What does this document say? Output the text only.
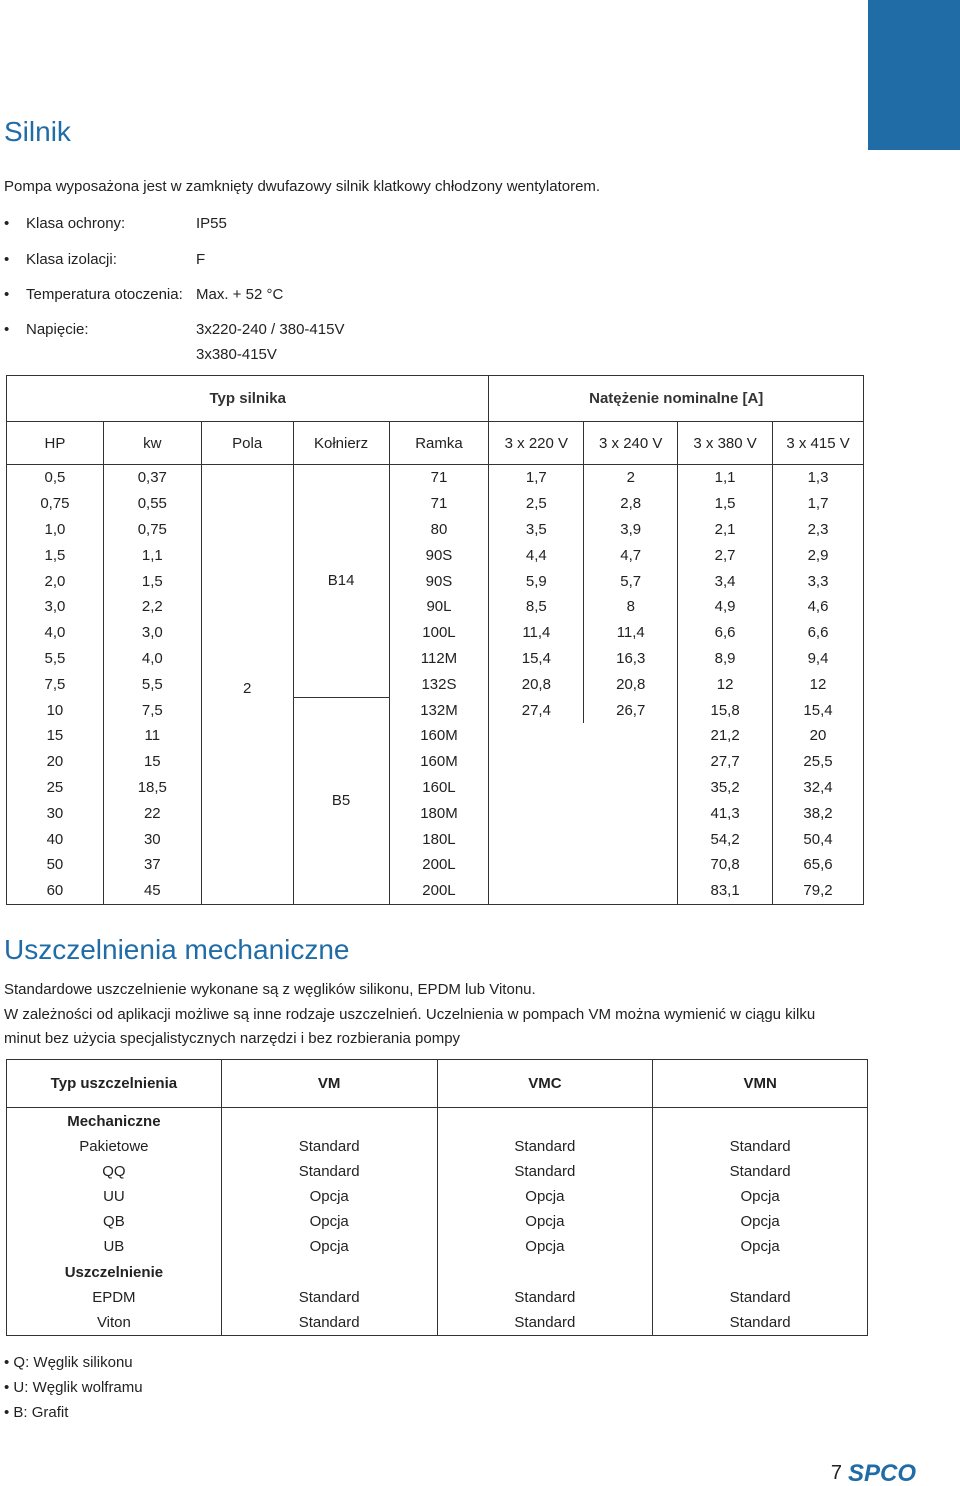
Silnik

Pompa wyposażona jest w zamknięty dwufazowy silnik klatkowy chłodzony wentylatorem.

• Klasa ochrony:	IP55
• Klasa izolacji:	F
• Temperatura otoczenia: Max. + 52 °C
• Napięcie:	3x220-240 / 380-415V
3x380-415V
Typ silnika					Natężenie nominalne [A]			
HP	kw	Pola	Kołnierz	Ramka	3 x 220 V	3 x 240 V	3 x 380 V	3 x 415 V
0,5	0,37	2	B14	71	1,7	2	1,1	1,3
0,75	0,55			71	2,5	2,8	1,5	1,7
1,0	0,75			80	3,5	3,9	2,1	2,3
1,5	1,1			90S	4,4	4,7	2,7	2,9
2,0	1,5			90S	5,9	5,7	3,4	3,3
3,0	2,2			90L	8,5	8	4,9	4,6
4,0	3,0			100L	11,4	11,4	6,6	6,6
5,5	4,0			112M	15,4	16,3	8,9	9,4
7,5	5,5			132S	20,8	20,8	12	12
10	7,5		B5	132M	27,4	26,7	15,8	15,4
15	11			160M			21,2	20
20	15			160M			27,7	25,5
25	18,5			160L			35,2	32,4
30	22			180M			41,3	38,2
40	30			180L			54,2	50,4
50	37			200L			70,8	65,6
60	45			200L			83,1	79,2
Uszczelnienia mechaniczne

Standardowe uszczelnienie wykonane są z węglików silikonu, EPDM lub Vitonu.

W zależności od aplikacji możliwe są inne rodzaje uszczelnień. Uczelnienia w pompach VM można wymienić w ciągu kilku

minut bez użycia specjalistycznych narzędzi i bez rozbierania pompy

Typ uszczelnienia	VM	VMC	VMN
Mechaniczne			
Pakietowe	Standard	Standard	Standard
QQ	Standard	Standard	Standard
UU	Opcja	Opcja	Opcja
QB	Opcja	Opcja	Opcja
UB	Opcja	Opcja	Opcja
Uszczelnienie			
EPDM	Standard	Standard	Standard
Viton	Standard	Standard	Standard
• Q: Węglik silikonu
• U: Węglik wolframu
• B: Grafit
7 SPCO
